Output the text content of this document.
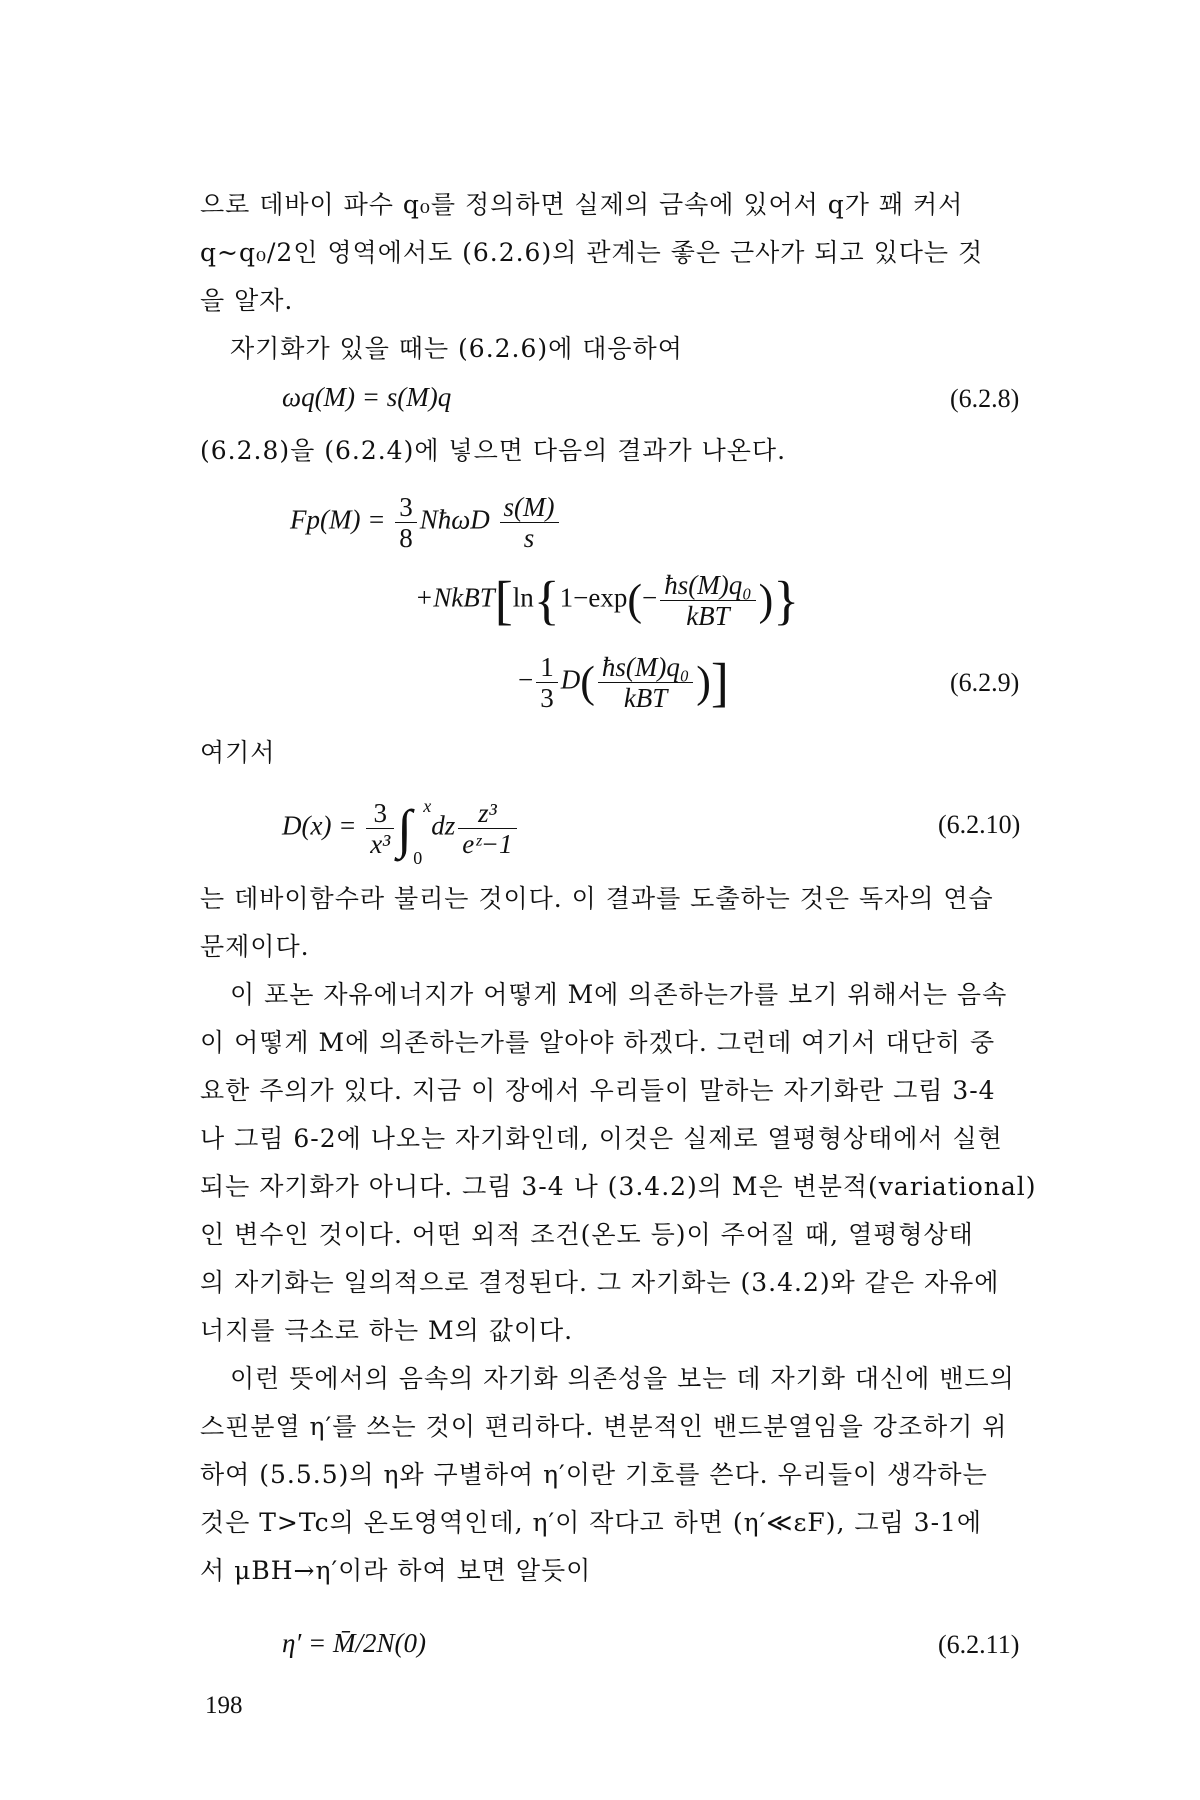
으로 데바이 파수 q₀를 정의하면 실제의 금속에 있어서 q가 꽤 커서
q~q₀/2인 영역에서도 (6.2.6)의 관계는 좋은 근사가 되고 있다는 것
을 알자.
자기화가 있을 때는 (6.2.6)에 대응하여
ωq(M) = s(M)q	(6.2.8)
(6.2.8)을 (6.2.4)에 넣으면 다음의 결과가 나온다.
$Fp(M) = \frac{3}{8}$ NħωD $\frac{s(M)}{s}$
+NkBT[ln{1−exp(− $\frac{\text{ħs(M)q₀}}{\text{kBT}}$ )}
− $\frac{1}{3} D( \frac{\text{ħs(M)q₀}}{\text{kBT}}$ )]	(6.2.9)
여기서
$D(x) = \frac{3}{\text{x³}}$ ∫ x
0
dz $\frac{\text{z³}}{\text{eᶻ−1}}$	(6.2.10)
는 데바이함수라 불리는 것이다. 이 결과를 도출하는 것은 독자의 연습
문제이다.
이 포논 자유에너지가 어떻게 M에 의존하는가를 보기 위해서는 음속
이 어떻게 M에 의존하는가를 알아야 하겠다. 그런데 여기서 대단히 중
요한 주의가 있다. 지금 이 장에서 우리들이 말하는 자기화란 그림 3-4
나 그림 6-2에 나오는 자기화인데, 이것은 실제로 열평형상태에서 실현
되는 자기화가 아니다. 그림 3-4 나 (3.4.2)의 M은 변분적(variational)
인 변수인 것이다. 어떤 외적 조건(온도 등)이 주어질 때, 열평형상태
의 자기화는 일의적으로 결정된다. 그 자기화는 (3.4.2)와 같은 자유에
너지를 극소로 하는 M의 값이다.
이런 뜻에서의 음속의 자기화 의존성을 보는 데 자기화 대신에 밴드의
스핀분열 η′를 쓰는 것이 편리하다. 변분적인 밴드분열임을 강조하기 위
하여 (5.5.5)의 η와 구별하여 η′이란 기호를 쓴다. 우리들이 생각하는
것은 T>Tc의 온도영역인데, η′이 작다고 하면 (η′≪εF), 그림 3-1에
서 μBH→η′이라 하여 보면 알듯이
η′ = M̄/2N(0)	(6.2.11)
198
